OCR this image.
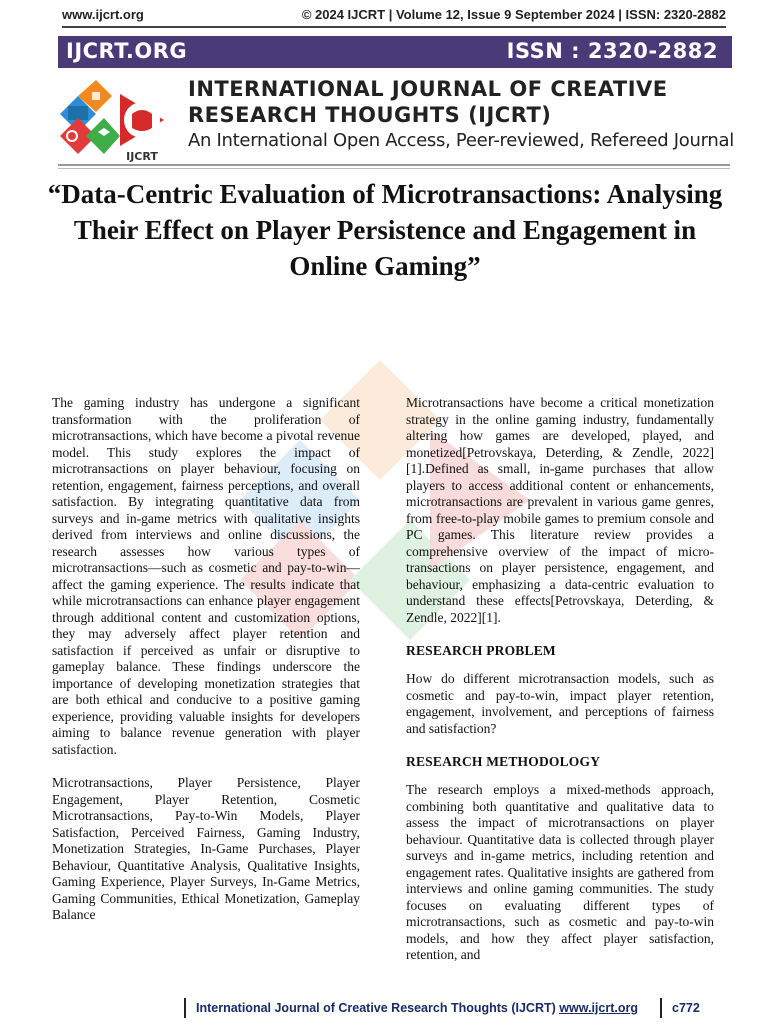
www.ijcrt.org	© 2024 IJCRT | Volume 12, Issue 9 September 2024 | ISSN: 2320-2882
IJCRT.ORG	ISSN : 2320-2882
IJCRT
INTERNATIONAL JOURNAL OF CREATIVE
RESEARCH THOUGHTS (IJCRT)
An International Open Access, Peer-reviewed, Refereed Journal
“Data-Centric Evaluation of Microtransactions: Analysing Their Effect on Player Persistence and Engagement in Online Gaming”

The gaming industry has undergone a significant transformation with the proliferation of microtransactions, which have become a pivotal revenue model. This study explores the impact of microtransactions on player behaviour, focusing on retention, engagement, fairness perceptions, and overall satisfaction. By integrating quantitative data from surveys and in-game metrics with qualitative insights derived from interviews and online discussions, the research assesses how various types of microtransactions—such as cosmetic and pay-to-win—affect the gaming experience. The results indicate that while microtransactions can enhance player engagement through additional content and customization options, they may adversely affect player retention and satisfaction if perceived as unfair or disruptive to gameplay balance. These findings underscore the importance of developing monetization strategies that are both ethical and conducive to a positive gaming experience, providing valuable insights for developers aiming to balance revenue generation with player satisfaction.

Microtransactions, Player Persistence, Player Engagement, Player Retention, Cosmetic Microtransactions, Pay-to-Win Models, Player Satisfaction, Perceived Fairness, Gaming Industry, Monetization Strategies, In-Game Purchases, Player Behaviour, Quantitative Analysis, Qualitative Insights, Gaming Experience, Player Surveys, In-Game Metrics, Gaming Communities, Ethical Monetization, Gameplay Balance

Microtransactions have become a critical monetization strategy in the online gaming industry, fundamentally altering how games are developed, played, and monetized[Petrovskaya, Deterding, & Zendle, 2022][1].Defined as small, in-game purchases that allow players to access additional content or enhancements, microtransactions are prevalent in various game genres, from free-to-play mobile games to premium console and PC games. This literature review provides a comprehensive overview of the impact of micro-transactions on player persistence, engagement, and behaviour, emphasizing a data-centric evaluation to understand these effects[Petrovskaya, Deterding, & Zendle, 2022][1].

RESEARCH PROBLEM

How do different microtransaction models, such as cosmetic and pay-to-win, impact player retention, engagement, involvement, and perceptions of fairness and satisfaction?

RESEARCH METHODOLOGY

The research employs a mixed-methods approach, combining both quantitative and qualitative data to assess the impact of microtransactions on player behaviour. Quantitative data is collected through player surveys and in-game metrics, including retention and engagement rates. Qualitative insights are gathered from interviews and online gaming communities. The study focuses on evaluating different types of microtransactions, such as cosmetic and pay-to-win models, and how they affect player satisfaction, retention, and

International Journal of Creative Research Thoughts (IJCRT) www.ijcrt.org	c772
